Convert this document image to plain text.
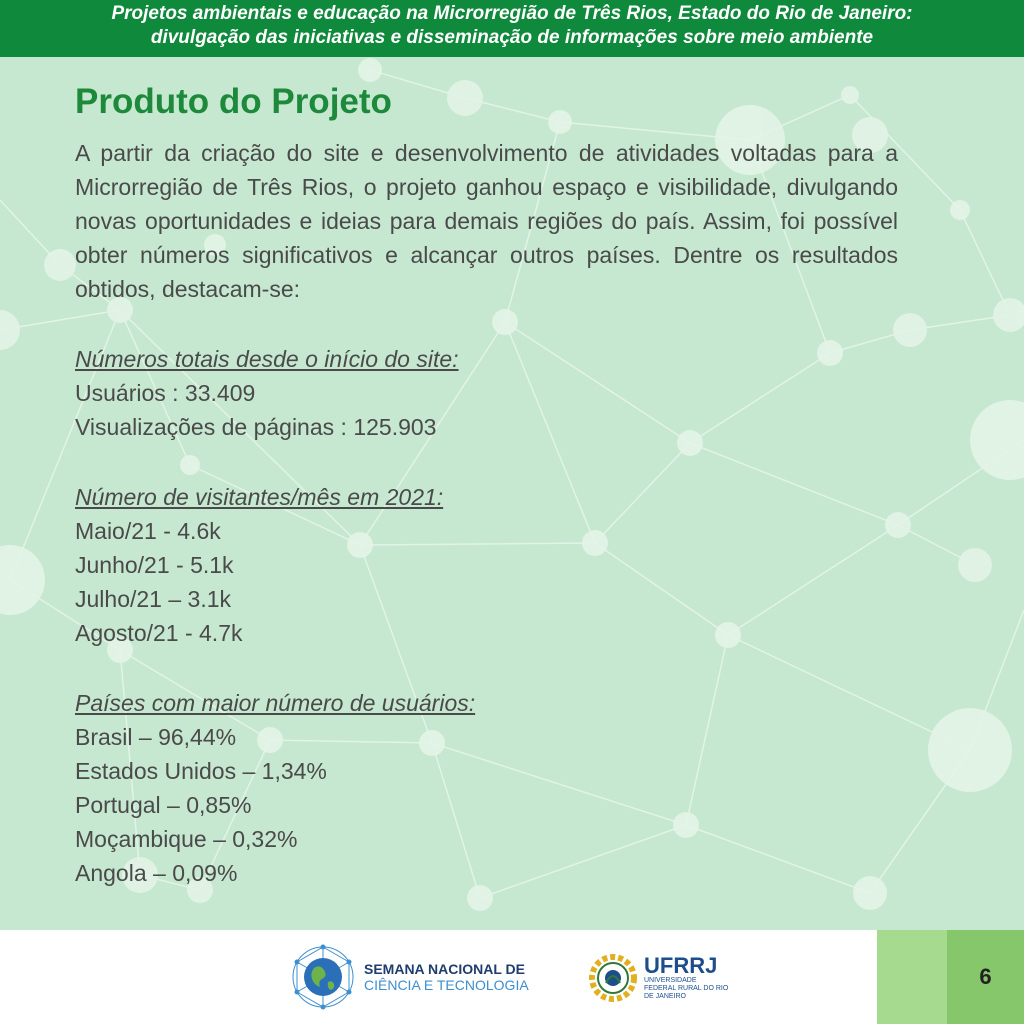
Projetos ambientais e educação na Microrregião de Três Rios, Estado do Rio de Janeiro:
divulgação das iniciativas e disseminação de informações sobre meio ambiente
Produto do Projeto

A partir da criação do site e desenvolvimento de atividades voltadas para a Microrregião de Três Rios, o projeto ganhou espaço e visibilidade, divulgando novas oportunidades e ideias para demais regiões do país. Assim, foi possível obter números significativos e alcançar outros países. Dentre os resultados obtidos, destacam-se:

Números totais desde o início do site:
Usuários : 33.409
Visualizações de páginas : 125.903
Número de visitantes/mês em 2021:
Maio/21 - 4.6k
Junho/21 - 5.1k
Julho/21 – 3.1k
Agosto/21 - 4.7k
Países com maior número de usuários:
Brasil – 96,44%
Estados Unidos – 1,34%
Portugal – 0,85%
Moçambique – 0,32%
Angola – 0,09%
SEMANA NACIONAL DE
CIÊNCIA E TECNOLOGIA
UFRRJ
UNIVERSIDADE FEDERAL RURAL DO RIO DE JANEIRO
6
